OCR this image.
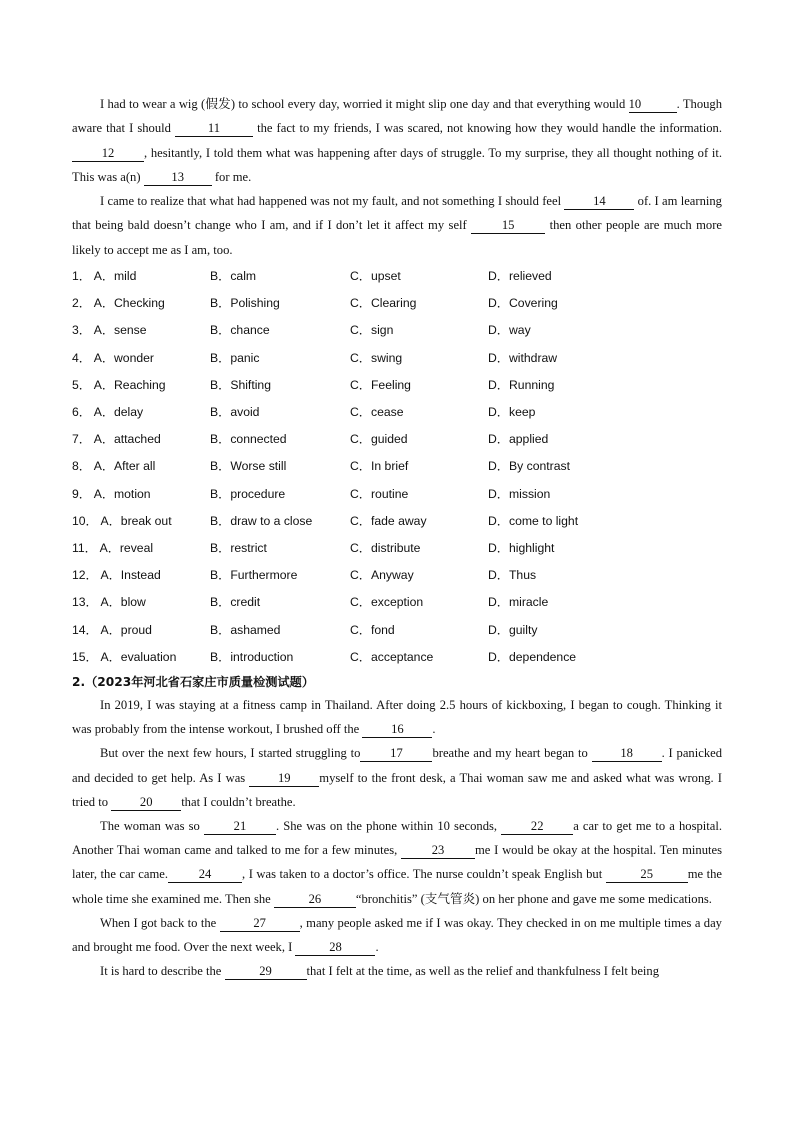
I had to wear a wig (假发) to school every day, worried it might slip one day and that everything would 10	. Though aware that I should	11	the fact to my friends, I was scared, not knowing how they would handle the information. 12 , hesitantly, I told them what was happening after days of struggle. To my surprise, they all thought nothing of it. This was a(n) 13 for me.

I came to realize that what had happened was not my fault, and not something I should feel	14	of. I am learning that being bald doesn’t change who I am, and if I don’t let it affect my self	15	then other people are much more likely to accept me as I am, too.

1． A．mild	B．calm	C．upset	D．relieved
2． A．Checking	B．Polishing	C．Clearing	D．Covering
3． A．sense	B．chance	C．sign	D．way
4． A．wonder	B．panic	C．swing	D．withdraw
5． A．Reaching	B．Shifting	C．Feeling	D．Running
6． A．delay	B．avoid	C．cease	D．keep
7． A．attached	B．connected	C．guided	D．applied
8． A．After all	B．Worse still	C．In brief	D．By contrast
9． A．motion	B．procedure	C．routine	D．mission
10． A．break out	B．draw to a close	C．fade away	D．come to light
11． A．reveal	B．restrict	C．distribute	D．highlight
12． A．Instead	B．Furthermore	C．Anyway	D．Thus
13． A．blow	B．credit	C．exception	D．miracle
14． A．proud	B．ashamed	C．fond	D．guilty
15． A．evaluation	B．introduction	C．acceptance	D．dependence

2.（2023年河北省石家庄市质量检测试题）

In 2019, I was staying at a fitness camp in Thailand. After doing 2.5 hours of kickboxing, I began to cough. Thinking it was probably from the intense workout, I brushed off the	16 .

But over the next few hours, I started struggling to 17 breathe and my heart began to	18 . I panicked and decided to get help. As I was	19 myself to the front desk, a Thai woman saw me and asked what was wrong. I tried to	20 that I couldn’t breathe.

The woman was so	21 . She was on the phone within 10 seconds,	22 a car to get me to a hospital. Another Thai woman came and talked to me for a few minutes,	23 me I would be okay at the hospital. Ten minutes later, the car came. 24 , I was taken to a doctor’s office. The nurse couldn’t speak English but	25	me the whole time she examined me. Then she	26	“bronchitis” (支气管炎) on her phone and gave me some medications.

When I got back to the	27	, many people asked me if I was okay. They checked in on me multiple times a day and brought me food. Over the next week, I	28	.

It is hard to describe the	29	that I felt at the time, as well as the relief and thankfulness I felt being
